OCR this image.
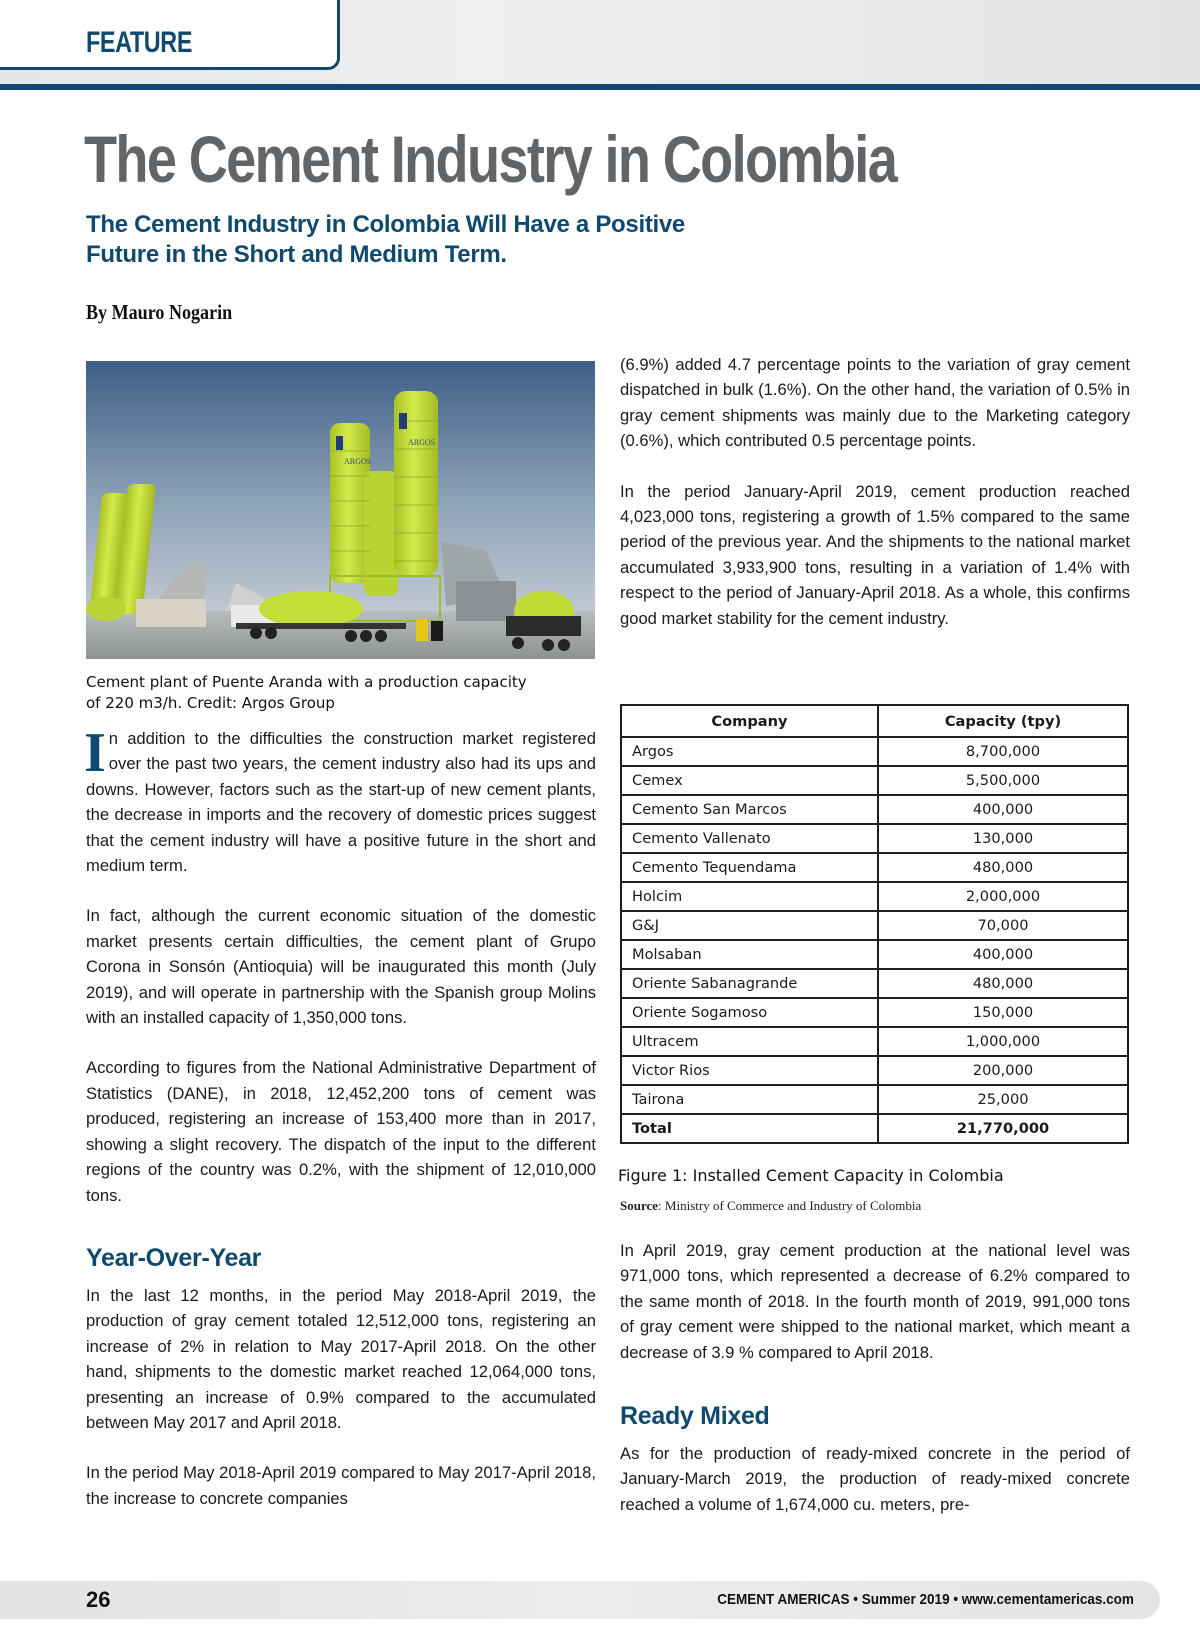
FEATURE
The Cement Industry in Colombia
The Cement Industry in Colombia Will Have a Positive
Future in the Short and Medium Term.
By Mauro Nogarin
ARGOS
ARGOS
Cement plant of Puente Aranda with a production capacity
of 220 m3/h. Credit: Argos Group

In addition to the difficulties the construction market registered over the past two years, the cement industry also had its ups and downs. However, factors such as the start-up of new cement plants, the decrease in imports and the recovery of domestic prices suggest that the cement industry will have a positive future in the short and medium term.

In fact, although the current economic situation of the domestic market presents certain difficulties, the cement plant of Grupo Corona in Sonsón (Antioquia) will be inaugurated this month (July 2019), and will operate in partnership with the Spanish group Molins with an installed capacity of 1,350,000 tons.

According to figures from the National Administrative Department of Statistics (DANE), in 2018, 12,452,200 tons of cement was produced, registering an increase of 153,400 more than in 2017, showing a slight recovery. The dispatch of the input to the different regions of the country was 0.2%, with the shipment of 12,010,000 tons.

Year-Over-Year

In the last 12 months, in the period May 2018-April 2019, the production of gray cement totaled 12,512,000 tons, registering an increase of 2% in relation to May 2017-April 2018. On the other hand, shipments to the domestic market reached 12,064,000 tons, presenting an increase of 0.9% compared to the accumulated between May 2017 and April 2018.

In the period May 2018-April 2019 compared to May 2017-April 2018, the increase to concrete companies

(6.9%) added 4.7 percentage points to the variation of gray cement dispatched in bulk (1.6%). On the other hand, the variation of 0.5% in gray cement shipments was mainly due to the Marketing category (0.6%), which contributed 0.5 percentage points.

In the period January-April 2019, cement production reached 4,023,000 tons, registering a growth of 1.5% compared to the same period of the previous year. And the shipments to the national market accumulated 3,933,900 tons, resulting in a variation of 1.4% with respect to the period of January-April 2018. As a whole, this confirms good market stability for the cement industry.

Company	Capacity (tpy)
Argos	8,700,000
Cemex	5,500,000
Cemento San Marcos	400,000
Cemento Vallenato	130,000
Cemento Tequendama	480,000
Holcim	2,000,000
G&J	70,000
Molsaban	400,000
Oriente Sabanagrande	480,000
Oriente Sogamoso	150,000
Ultracem	1,000,000
Victor Rios	200,000
Tairona	25,000
Total	21,770,000
Figure 1: Installed Cement Capacity in Colombia
Source: Ministry of Commerce and Industry of Colombia

In April 2019, gray cement production at the national level was 971,000 tons, which represented a decrease of 6.2% compared to the same month of 2018. In the fourth month of 2019, 991,000 tons of gray cement were shipped to the national market, which meant a decrease of 3.9 % compared to April 2018.

Ready Mixed

As for the production of ready-mixed concrete in the period of January-March 2019, the production of ready-mixed concrete reached a volume of 1,674,000 cu. meters, pre-

26	CEMENT AMERICAS • Summer 2019 • www.cementamericas.com
